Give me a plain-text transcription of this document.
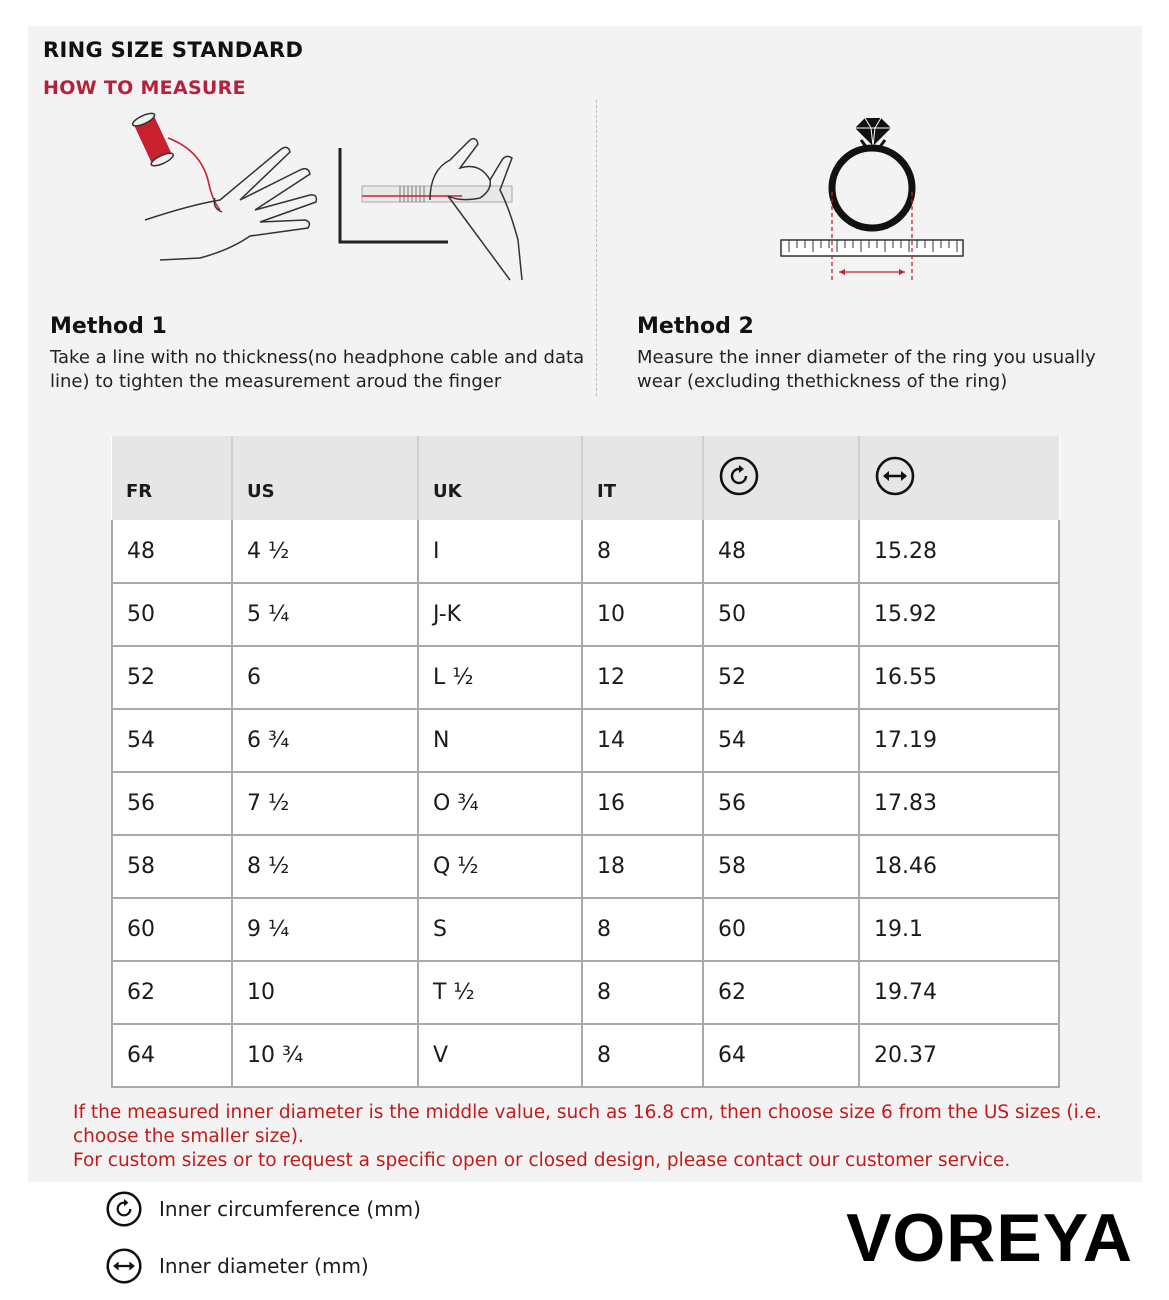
RING SIZE STANDARD
HOW TO MEASURE
Method 1
Take a line with no thickness(no headphone cable and data line) to tighten the measurement aroud the finger
Method 2
Measure the inner diameter of the ring you usually wear (excluding thethickness of the ring)
FR	US	UK	IT		
48	4 ½	I	8	48	15.28
50	5 ¼	J-K	10	50	15.92
52	6	L ½	12	52	16.55
54	6 ¾	N	14	54	17.19
56	7 ½	O ¾	16	56	17.83
58	8 ½	Q ½	18	58	18.46
60	9 ¼	S	8	60	19.1
62	10	T ½	8	62	19.74
64	10 ¾	V	8	64	20.37
If the measured inner diameter is the middle value, such as 16.8 cm, then choose size 6 from the US sizes (i.e. choose the smaller size).
For custom sizes or to request a specific open or closed design, please contact our customer service.
Inner circumference (mm)
Inner diameter (mm)	VOREYA
